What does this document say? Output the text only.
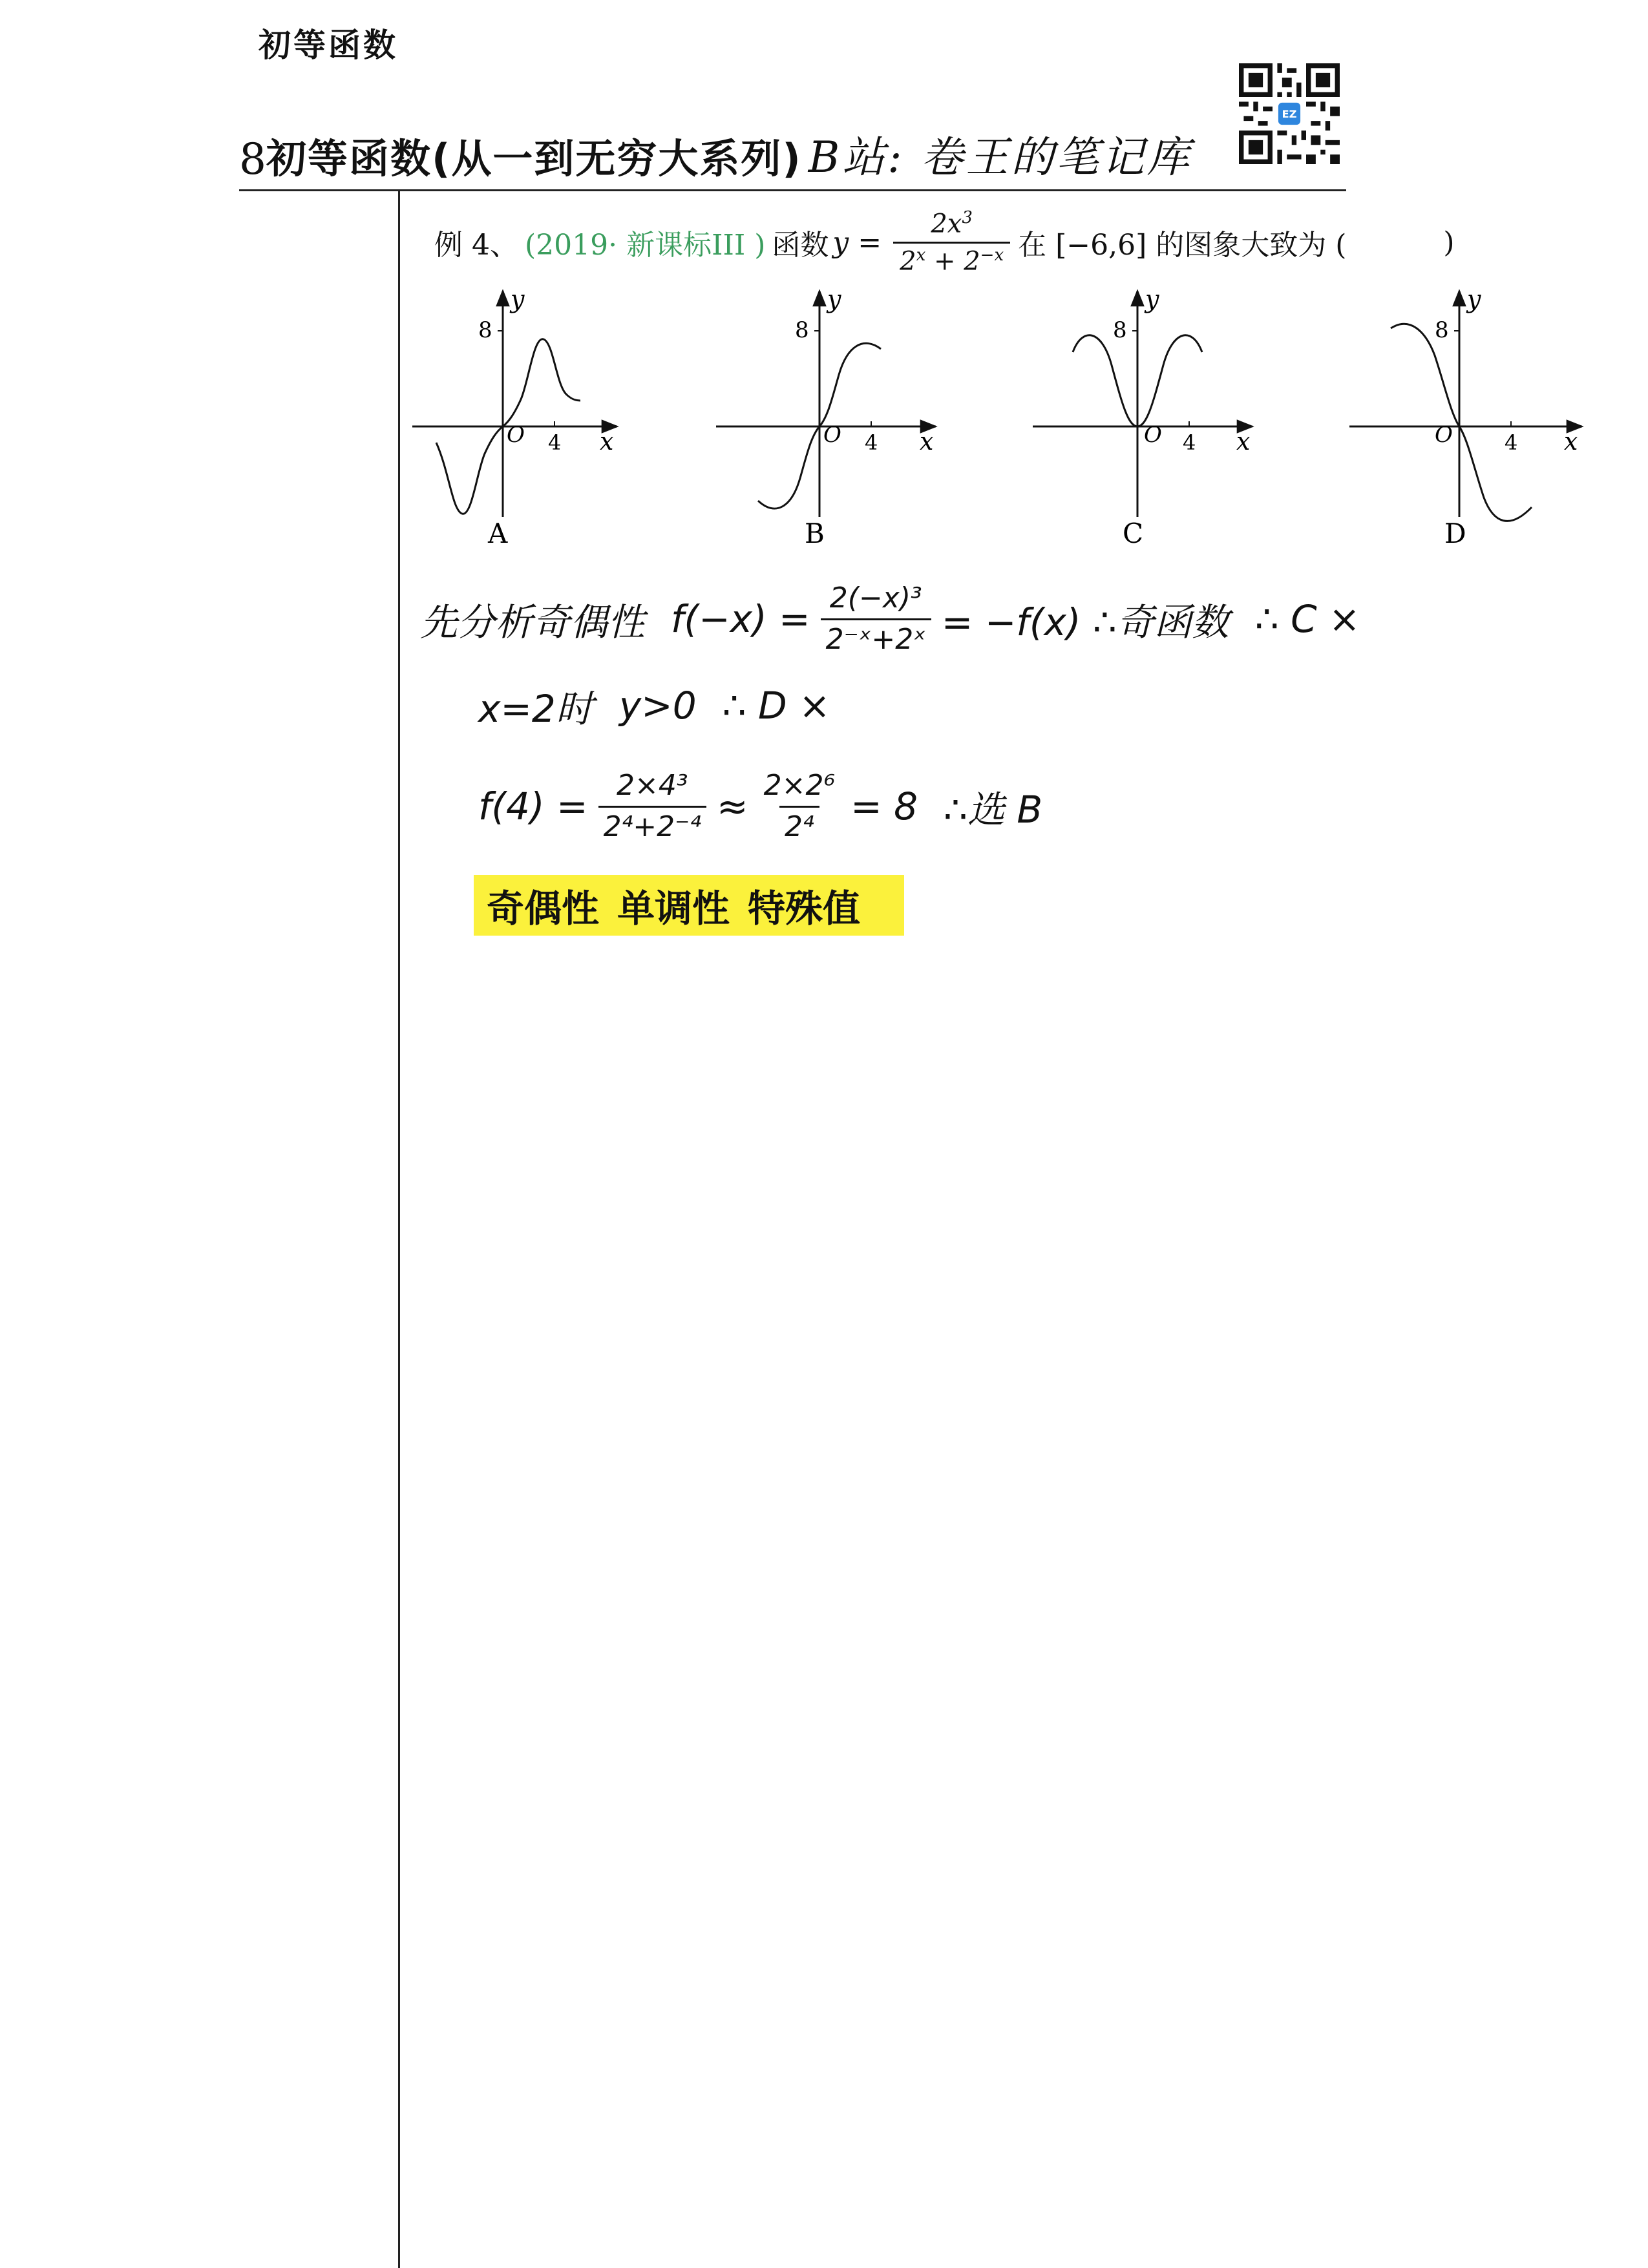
初等函数
8 初等函数(从一到无穷大系列) B站: 卷王的笔记库
EZ
例 4、 (2019· 新课标III ) 函数 $y = \frac{2x^3}{2^x + 2^{-x}}$ 在 [−6,6] 的图象大致为 (	)
8
O 4 x
y
A
8
O 4 x
y
B
8
O 4 x
y
C
8
O	4 x
y
D
先分析奇偶性 $f(-x) = \frac{\text{2(−x)³}}{\text{2⁻ˣ+2ˣ}} = -f(x)$ ∴奇函数 ∴ C ×
x=2时 y>0 ∴ D ×
$f(4) = \frac{\text{2×4³}}{\text{2⁴+2⁻⁴}} \approx \frac{\text{2×2⁶}}{\text{2⁴}} = 8$ ∴选 B
奇偶性 单调性 特殊值
